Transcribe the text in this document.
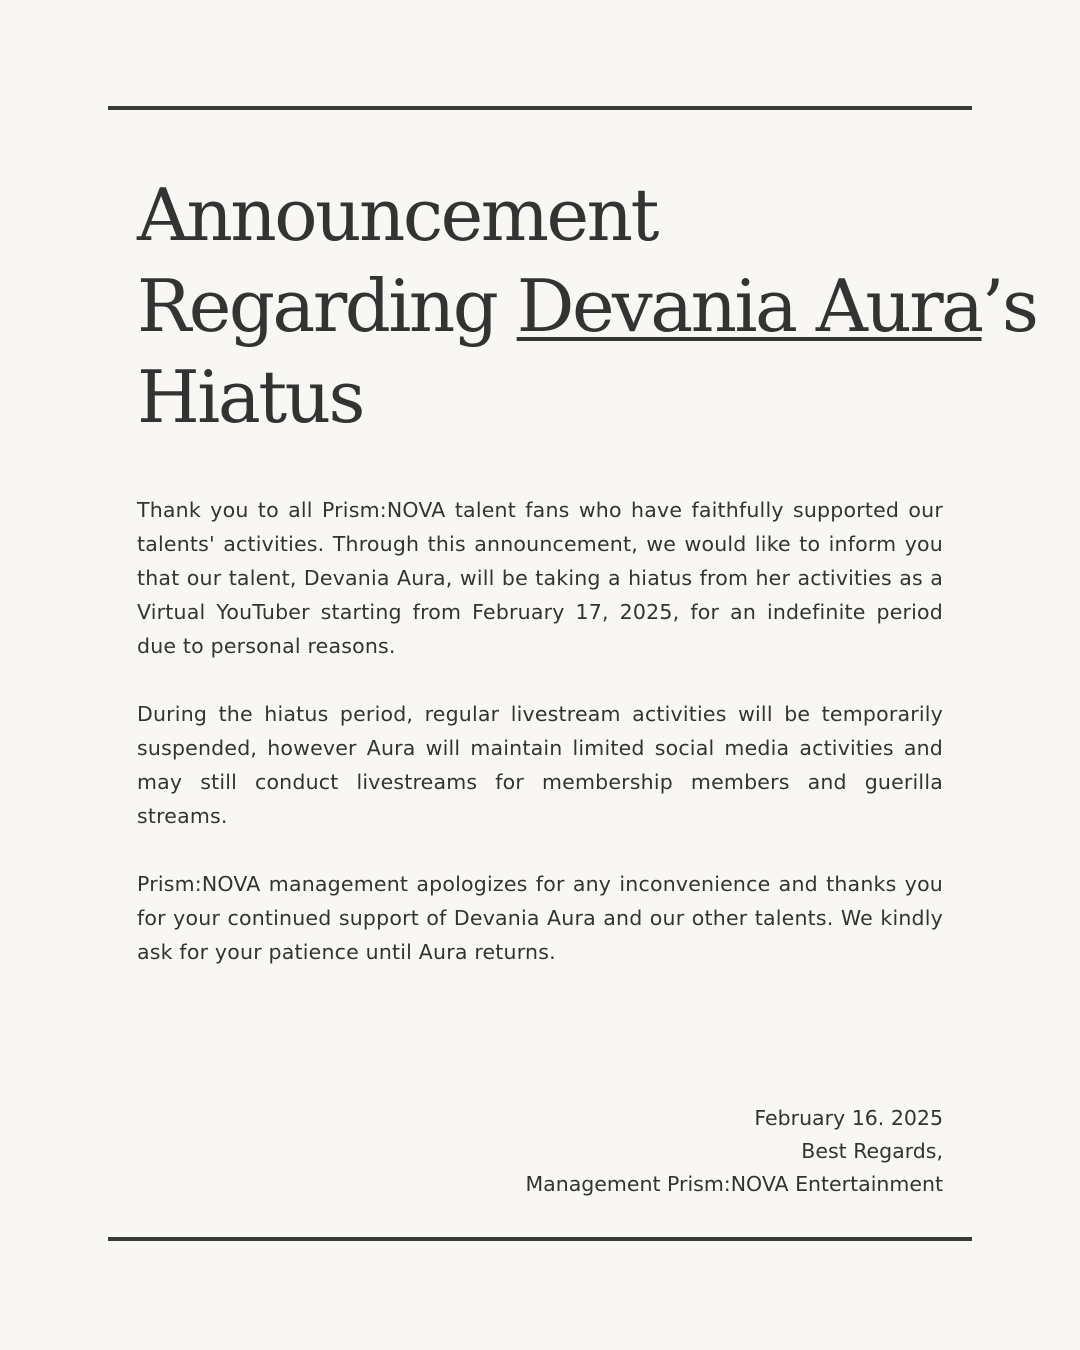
Announcement
Regarding Devania Aura’s
Hiatus

Thank you to all Prism:NOVA talent fans who have faithfully supported our talents' activities. Through this announcement, we would like to inform you that our talent, Devania Aura, will be taking a hiatus from her activities as a Virtual YouTuber starting from February 17, 2025, for an indefinite period due to personal reasons.

During the hiatus period, regular livestream activities will be temporarily suspended, however Aura will maintain limited social media activities and may still conduct livestreams for membership members and guerilla streams.

Prism:NOVA management apologizes for any inconvenience and thanks you for your continued support of Devania Aura and our other talents. We kindly ask for your patience until Aura returns.

February 16. 2025
Best Regards,
Management Prism:NOVA Entertainment
